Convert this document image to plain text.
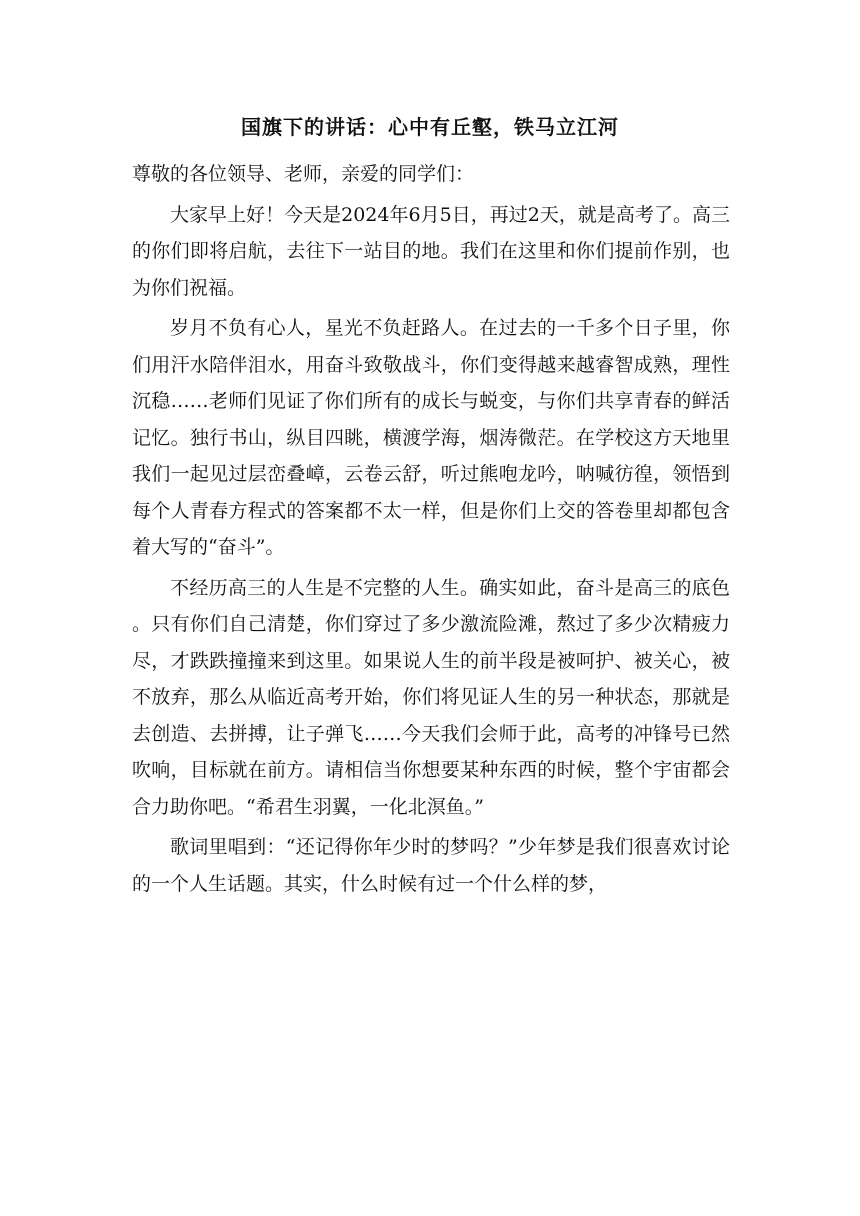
国旗下的讲话：心中有丘壑，铁马立江河

尊敬的各位领导、老师，亲爱的同学们：

大家早上好！今天是2024年6月5日，再过2天，就是高考了。高三的你们即将启航，去往下一站目的地。我们在这里和你们提前作别，也为你们祝福。

岁月不负有心人，星光不负赶路人。在过去的一千多个日子里，你们用汗水陪伴泪水，用奋斗致敬战斗，你们变得越来越睿智成熟，理性沉稳……老师们见证了你们所有的成长与蜕变，与你们共享青春的鲜活记忆。独行书山，纵目四眺，横渡学海，烟涛微茫。在学校这方天地里我们一起见过层峦叠嶂，云卷云舒，听过熊咆龙吟，呐喊彷徨，领悟到每个人青春方程式的答案都不太一样，但是你们上交的答卷里却都包含着大写的“奋斗”。

不经历高三的人生是不完整的人生。确实如此，奋斗是高三的底色。只有你们自己清楚，你们穿过了多少激流险滩，熬过了多少次精疲力尽，才跌跌撞撞来到这里。如果说人生的前半段是被呵护、被关心，被不放弃，那么从临近高考开始，你们将见证人生的另一种状态，那就是去创造、去拼搏，让子弹飞……今天我们会师于此，高考的冲锋号已然吹响，目标就在前方。请相信当你想要某种东西的时候，整个宇宙都会合力助你吧。“希君生羽翼，一化北溟鱼。”

歌词里唱到：“还记得你年少时的梦吗？”少年梦是我们很喜欢讨论的一个人生话题。其实，什么时候有过一个什么样的梦，
